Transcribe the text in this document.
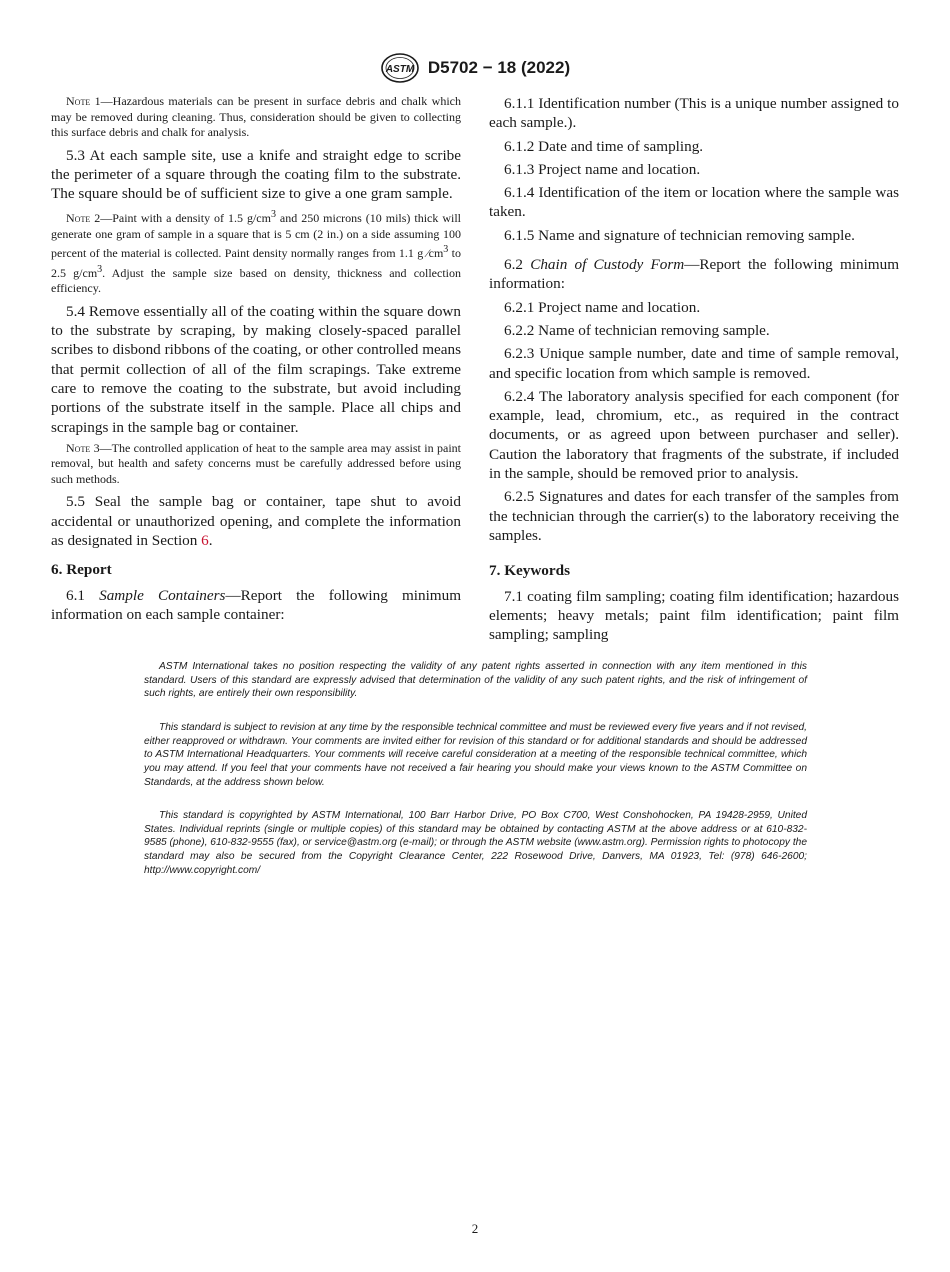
ASTM D5702 − 18 (2022)

Note 1—Hazardous materials can be present in surface debris and chalk which may be removed during cleaning. Thus, consideration should be given to collecting this surface debris and chalk for analysis.

5.3 At each sample site, use a knife and straight edge to scribe the perimeter of a square through the coating film to the substrate. The square should be of sufficient size to give a one gram sample.

Note 2—Paint with a density of 1.5 $g/cm^3$ and 250 microns (10 mils) thick will generate one gram of sample in a square that is 5 cm (2 in.) on a side assuming 100 percent of the material is collected. Paint density normally ranges from 1.1 g $⁄cm^3$ to 2.5 $g/cm^3$. Adjust the sample size based on density, thickness and collection efficiency.

5.4 Remove essentially all of the coating within the square down to the substrate by scraping, by making closely-spaced parallel scribes to disbond ribbons of the coating, or other controlled means that permit collection of all of the film scrapings. Take extreme care to remove the coating to the substrate, but avoid including portions of the substrate itself in the sample. Place all chips and scrapings in the sample bag or container.

Note 3—The controlled application of heat to the sample area may assist in paint removal, but health and safety concerns must be carefully addressed before using such methods.

5.5 Seal the sample bag or container, tape shut to avoid accidental or unauthorized opening, and complete the information as designated in Section 6.

6. Report

6.1 Sample Containers—Report the following minimum information on each sample container:

6.1.1 Identification number (This is a unique number assigned to each sample.).

6.1.2 Date and time of sampling.

6.1.3 Project name and location.

6.1.4 Identification of the item or location where the sample was taken.

6.1.5 Name and signature of technician removing sample.

6.2 Chain of Custody Form—Report the following minimum information:

6.2.1 Project name and location.

6.2.2 Name of technician removing sample.

6.2.3 Unique sample number, date and time of sample removal, and specific location from which sample is removed.

6.2.4 The laboratory analysis specified for each component (for example, lead, chromium, etc., as required in the contract documents, or as agreed upon between purchaser and seller). Caution the laboratory that fragments of the substrate, if included in the sample, should be removed prior to analysis.

6.2.5 Signatures and dates for each transfer of the samples from the technician through the carrier(s) to the laboratory receiving the samples.

7. Keywords

7.1 coating film sampling; coating film identification; hazardous elements; heavy metals; paint film identification; paint film sampling; sampling

ASTM International takes no position respecting the validity of any patent rights asserted in connection with any item mentioned in this standard. Users of this standard are expressly advised that determination of the validity of any such patent rights, and the risk of infringement of such rights, are entirely their own responsibility.

This standard is subject to revision at any time by the responsible technical committee and must be reviewed every five years and if not revised, either reapproved or withdrawn. Your comments are invited either for revision of this standard or for additional standards and should be addressed to ASTM International Headquarters. Your comments will receive careful consideration at a meeting of the responsible technical committee, which you may attend. If you feel that your comments have not received a fair hearing you should make your views known to the ASTM Committee on Standards, at the address shown below.

This standard is copyrighted by ASTM International, 100 Barr Harbor Drive, PO Box C700, West Conshohocken, PA 19428-2959, United States. Individual reprints (single or multiple copies) of this standard may be obtained by contacting ASTM at the above address or at 610-832-9585 (phone), 610-832-9555 (fax), or service@astm.org (e-mail); or through the ASTM website (www.astm.org). Permission rights to photocopy the standard may also be secured from the Copyright Clearance Center, 222 Rosewood Drive, Danvers, MA 01923, Tel: (978) 646-2600; http://www.copyright.com/

2
